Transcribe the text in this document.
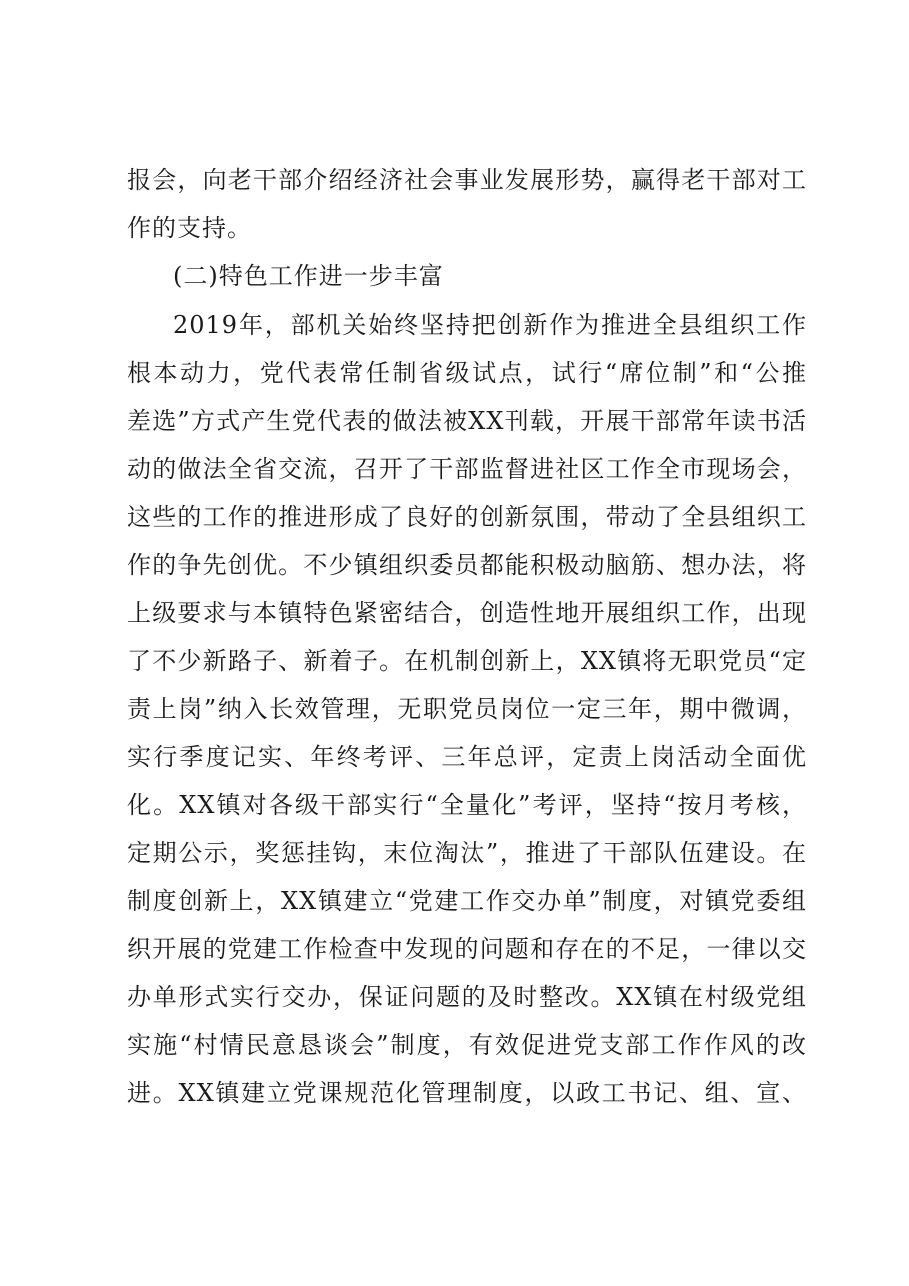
报会，向老干部介绍经济社会事业发展形势，赢得老干部对工
作的支持。
(二)特色工作进一步丰富
2019年，部机关始终坚持把创新作为推进全县组织工作
根本动力，党代表常任制省级试点，试行“席位制”和“公推
差选”方式产生党代表的做法被XX刊载，开展干部常年读书活
动的做法全省交流，召开了干部监督进社区工作全市现场会，
这些的工作的推进形成了良好的创新氛围，带动了全县组织工
作的争先创优。不少镇组织委员都能积极动脑筋、想办法，将
上级要求与本镇特色紧密结合，创造性地开展组织工作，出现
了不少新路子、新着子。在机制创新上，XX镇将无职党员“定
责上岗”纳入长效管理，无职党员岗位一定三年，期中微调，
实行季度记实、年终考评、三年总评，定责上岗活动全面优
化。XX镇对各级干部实行“全量化”考评，坚持“按月考核，
定期公示，奖惩挂钩，末位淘汰”，推进了干部队伍建设。在
制度创新上，XX镇建立“党建工作交办单”制度，对镇党委组
织开展的党建工作检查中发现的问题和存在的不足，一律以交
办单形式实行交办，保证问题的及时整改。XX镇在村级党组
实施“村情民意恳谈会”制度，有效促进党支部工作作风的改
进。XX镇建立党课规范化管理制度，以政工书记、组、宣、
